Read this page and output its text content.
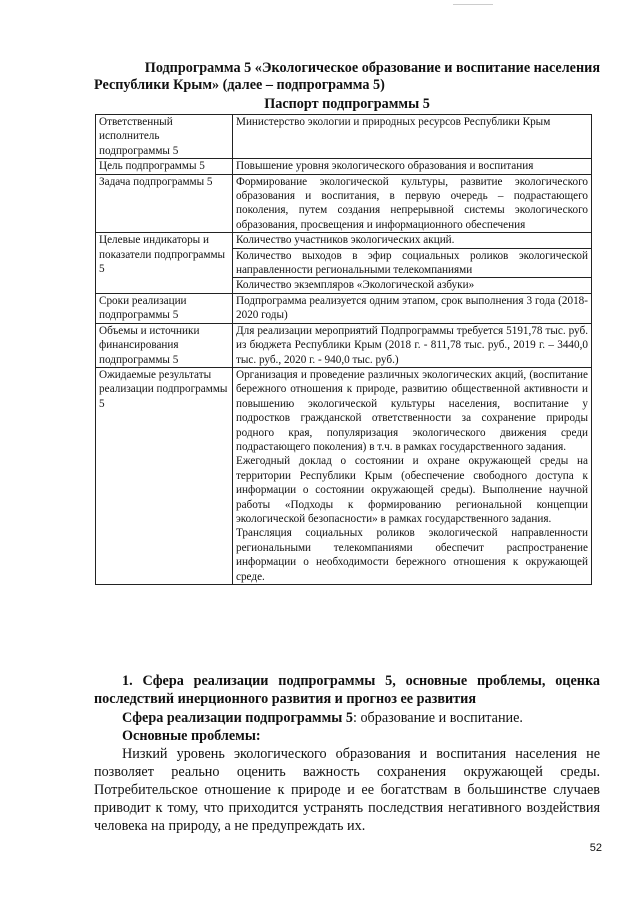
Подпрограмма 5 «Экологическое образование и воспитание населения
Республики Крым» (далее – подпрограмма 5)
Паспорт подпрограммы 5
Ответственный исполнитель подпрограммы 5	Министерство экологии и природных ресурсов Республики Крым

Цель подпрограммы 5	Повышение уровня экологического образования и воспитания

Задача подпрограммы 5	Формирование экологической культуры, развитие экологического образования и воспитания, в первую очередь – подрастающего поколения, путем создания непрерывной системы экологического образования, просвещения и информационного обеспечения

Целевые индикаторы и показатели подпрограммы 5	Количество участников экологических акций.
Количество выходов в эфир социальных роликов экологической направленности региональными телекомпаниями
Количество экземпляров «Экологической азбуки»

Сроки реализации подпрограммы 5	Подпрограмма реализуется одним этапом, срок выполнения 3 года (2018-2020 годы)

Объемы и источники финансирования подпрограммы 5	Для реализации мероприятий Подпрограммы требуется 5191,78 тыс. руб. из бюджета Республики Крым (2018 г. - 811,78 тыс. руб., 2019 г. – 3440,0 тыс. руб., 2020 г. - 940,0 тыс. руб.)

Ожидаемые результаты реализации подпрограммы 5	Организация и проведение различных экологических акций, (воспитание бережного отношения к природе, развитию общественной активности и повышению экологической культуры населения, воспитание у подростков гражданской ответственности за сохранение природы родного края, популяризация экологического движения среди подрастающего поколения) в т.ч. в рамках государственного задания.
Ежегодный доклад о состоянии и охране окружающей среды на территории Республики Крым (обеспечение свободного доступа к информации о состоянии окружающей среды). Выполнение научной работы «Подходы к формированию региональной концепции экологической безопасности» в рамках государственного задания.
Трансляция социальных роликов экологической направленности региональными телекомпаниями обеспечит распространение информации о необходимости бережного отношения к окружающей среде.
1. Сфера реализации подпрограммы 5, основные проблемы, оценка последствий инерционного развития и прогноз ее развития
Сфера реализации подпрограммы 5: образование и воспитание.
Основные проблемы:
Низкий уровень экологического образования и воспитания населения не позволяет реально оценить важность сохранения окружающей среды. Потребительское отношение к природе и ее богатствам в большинстве случаев приводит к тому, что приходится устранять последствия негативного воздействия человека на природу, а не предупреждать их.
52
